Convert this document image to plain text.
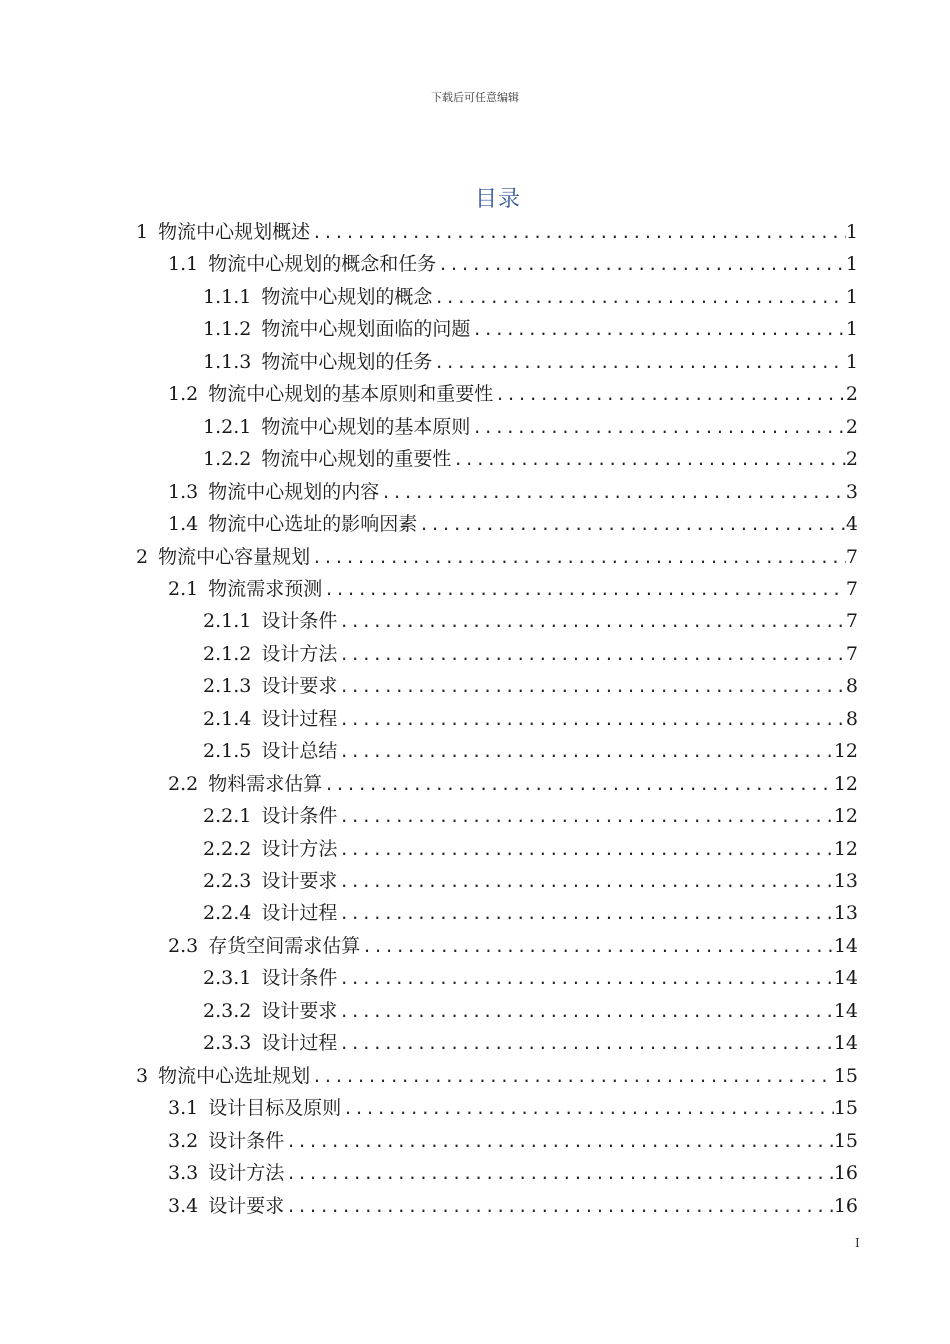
下载后可任意编辑
目录
1 物流中心规划概述 .....	1
1.1 物流中心规划的概念和任务 .....	1
1.1.1 物流中心规划的概念 .....	1
1.1.2 物流中心规划面临的问题 .....	1
1.1.3 物流中心规划的任务 .....	1
1.2 物流中心规划的基本原则和重要性 .....	2
1.2.1 物流中心规划的基本原则 .....	2
1.2.2 物流中心规划的重要性 .....	2
1.3 物流中心规划的内容 .....	3
1.4 物流中心选址的影响因素 .....	4
2 物流中心容量规划 .....	7
2.1 物流需求预测 .....	7
2.1.1 设计条件 .....	7
2.1.2 设计方法 .....	7
2.1.3 设计要求 .....	8
2.1.4 设计过程 .....	8
2.1.5 设计总结 .....	12
2.2 物料需求估算 .....	12
2.2.1 设计条件 .....	12
2.2.2 设计方法 .....	12
2.2.3 设计要求 .....	13
2.2.4 设计过程 .....	13
2.3 存货空间需求估算 .....	14
2.3.1 设计条件 .....	14
2.3.2 设计要求 .....	14
2.3.3 设计过程 .....	14
3 物流中心选址规划 .....	15
3.1 设计目标及原则 .....	15
3.2 设计条件 .....	15
3.3 设计方法 .....	16
3.4 设计要求 .....	16
I
